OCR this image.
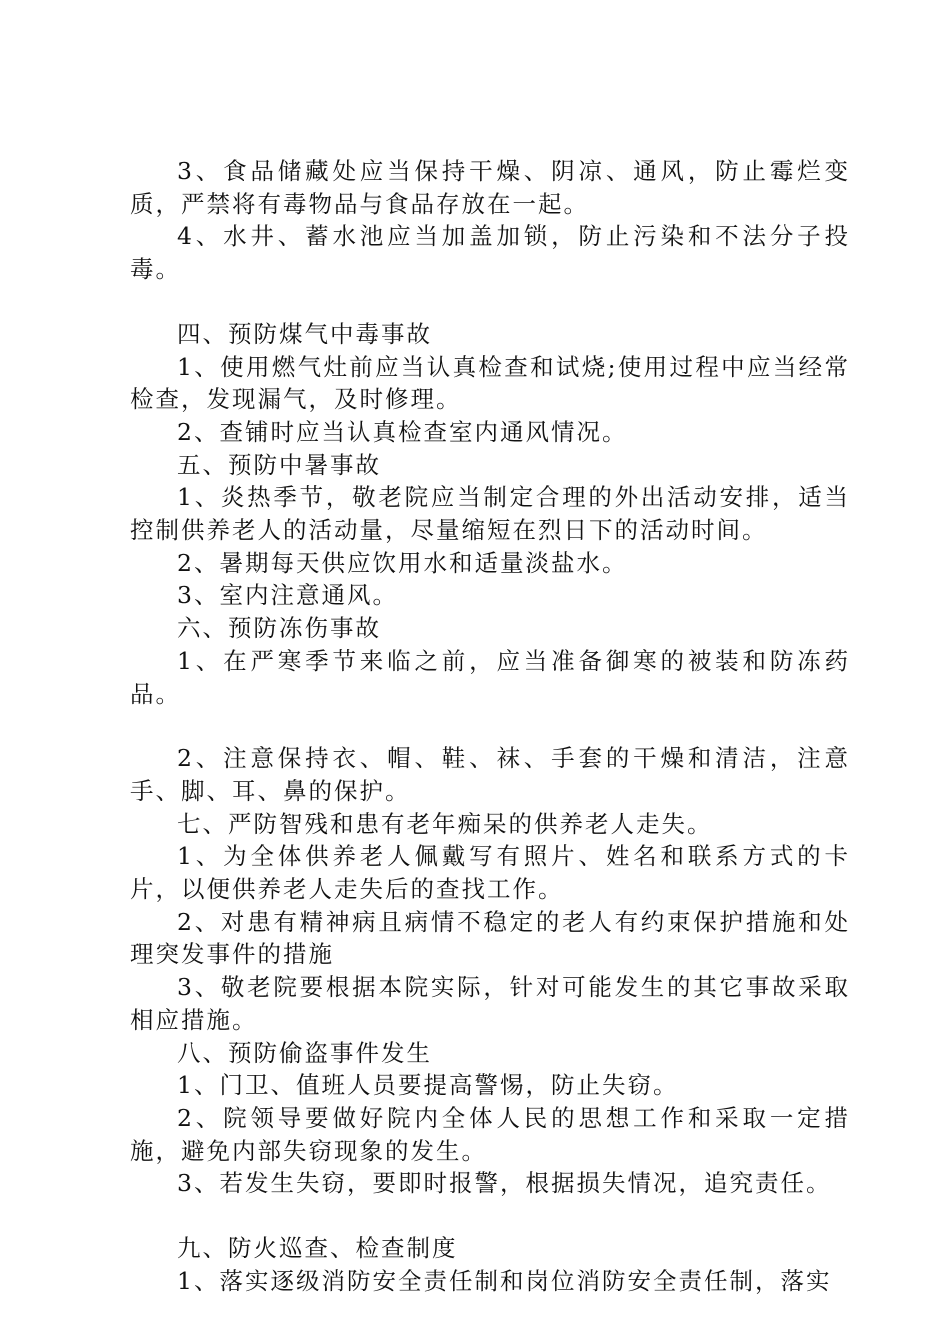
3、食品储藏处应当保持干燥、阴凉、通风，防止霉烂变质，严禁将有毒物品与食品存放在一起。

4、水井、蓄水池应当加盖加锁，防止污染和不法分子投毒。

四、预防煤气中毒事故

1、使用燃气灶前应当认真检查和试烧;使用过程中应当经常检查，发现漏气，及时修理。

2、查铺时应当认真检查室内通风情况。

五、预防中暑事故

1、炎热季节，敬老院应当制定合理的外出活动安排，适当控制供养老人的活动量，尽量缩短在烈日下的活动时间。

2、暑期每天供应饮用水和适量淡盐水。

3、室内注意通风。

六、预防冻伤事故

1、在严寒季节来临之前，应当准备御寒的被装和防冻药品。

2、注意保持衣、帽、鞋、袜、手套的干燥和清洁，注意手、脚、耳、鼻的保护。

七、严防智残和患有老年痴呆的供养老人走失。

1、为全体供养老人佩戴写有照片、姓名和联系方式的卡片，以便供养老人走失后的查找工作。

2、对患有精神病且病情不稳定的老人有约束保护措施和处理突发事件的措施

3、敬老院要根据本院实际，针对可能发生的其它事故采取相应措施。

八、预防偷盗事件发生

1、门卫、值班人员要提高警惕，防止失窃。

2、院领导要做好院内全体人民的思想工作和采取一定措施，避免内部失窃现象的发生。

3、若发生失窃，要即时报警，根据损失情况，追究责任。

九、防火巡查、检查制度

1、落实逐级消防安全责任制和岗位消防安全责任制，落实
